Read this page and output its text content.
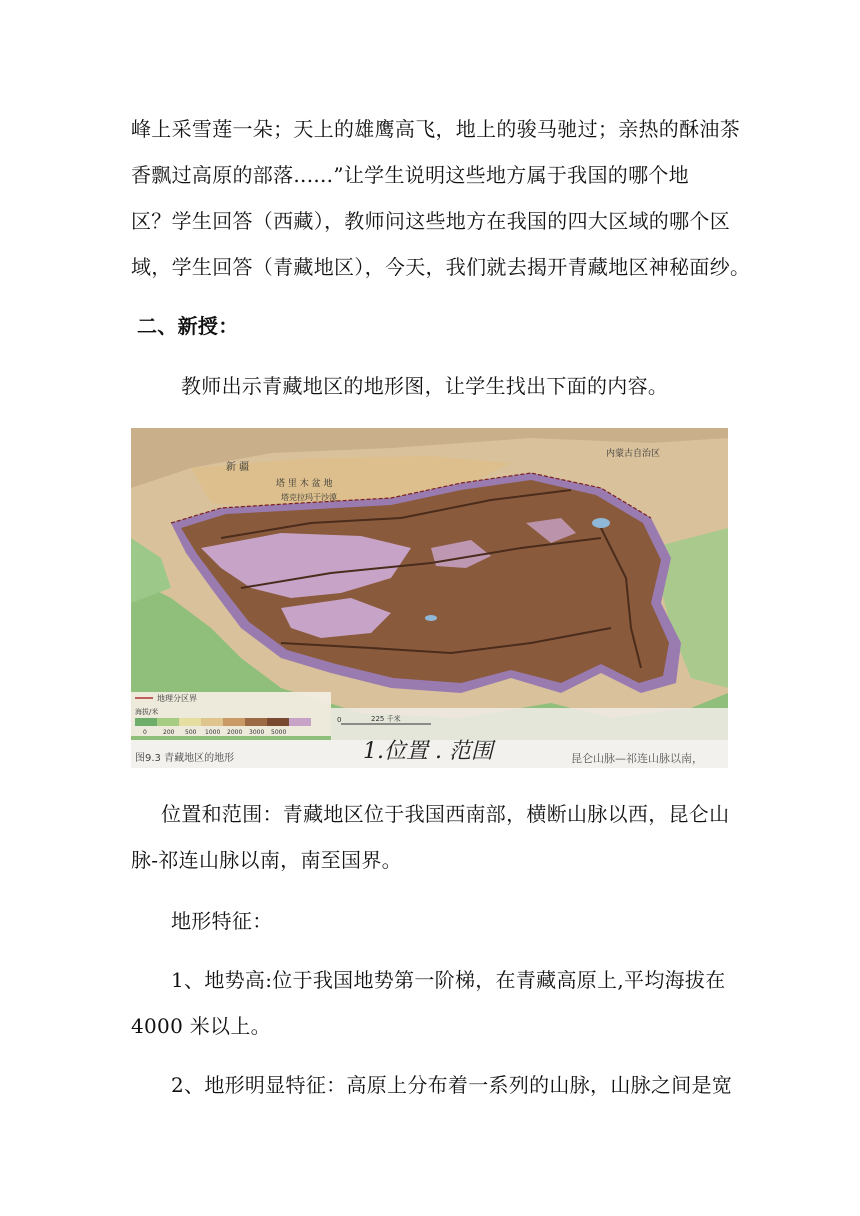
峰上采雪莲一朵；天上的雄鹰高飞，地上的骏马驰过；亲热的酥油茶
香飘过高原的部落......”让学生说明这些地方属于我国的哪个地
区？学生回答（西藏），教师问这些地方在我国的四大区域的哪个区
域，学生回答（青藏地区），今天，我们就去揭开青藏地区神秘面纱。
二、新授：
教师出示青藏地区的地形图，让学生找出下面的内容。
新 疆
塔 里 木 盆 地
塔克拉玛干沙漠
内蒙古自治区
地理分区界
海拔/米
0	200 500 1000 2000 3000 5000
0	225 千米
图9.3 青藏地区的地形	1.位置 . 范围	昆仑山脉—祁连山脉以南，
位置和范围：青藏地区位于我国西南部，横断山脉以西，昆仑山
脉-祁连山脉以南，南至国界。
地形特征：
1、地势高:位于我国地势第一阶梯，在青藏高原上,平均海拔在
4000 米以上。
2、地形明显特征：高原上分布着一系列的山脉，山脉之间是宽
